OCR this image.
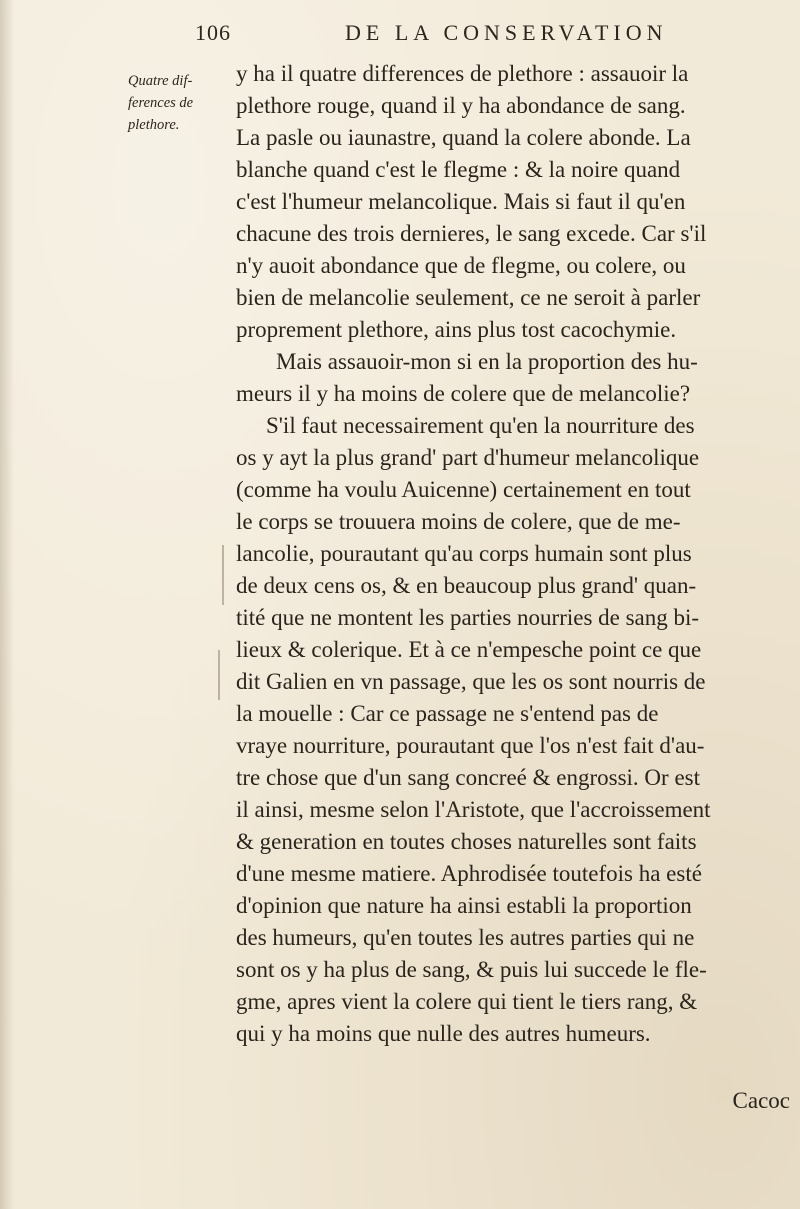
106	DE LA CONSERVATION
Quatre dif-
ferences de
plethore.
y ha il quatre differences de plethore : assauoir la
plethore rouge, quand il y ha abondance de sang.
La pasle ou iaunastre, quand la colere abonde. La
blanche quand c'est le flegme : & la noire quand
c'est l'humeur melancolique. Mais si faut il qu'en
chacune des trois dernieres, le sang excede. Car s'il
n'y auoit abondance que de flegme, ou colere, ou
bien de melancolie seulement, ce ne seroit à parler
proprement plethore, ains plus tost cacochymie.
Mais assauoir-mon si en la proportion des hu-
meurs il y ha moins de colere que de melancolie?
S'il faut necessairement qu'en la nourriture des
os y ayt la plus grand' part d'humeur melancolique
(comme ha voulu Auicenne) certainement en tout
le corps se trouuera moins de colere, que de me-
lancolie, pourautant qu'au corps humain sont plus
de deux cens os, & en beaucoup plus grand' quan-
tité que ne montent les parties nourries de sang bi-
lieux & colerique. Et à ce n'empesche point ce que
dit Galien en vn passage, que les os sont nourris de
la mouelle : Car ce passage ne s'entend pas de
vraye nourriture, pourautant que l'os n'est fait d'au-
tre chose que d'un sang concreé & engrossi. Or est
il ainsi, mesme selon l'Aristote, que l'accroissement
& generation en toutes choses naturelles sont faits
d'une mesme matiere. Aphrodisée toutefois ha esté
d'opinion que nature ha ainsi establi la proportion
des humeurs, qu'en toutes les autres parties qui ne
sont os y ha plus de sang, & puis lui succede le fle-
gme, apres vient la colere qui tient le tiers rang, &
qui y ha moins que nulle des autres humeurs.
Cacoc
